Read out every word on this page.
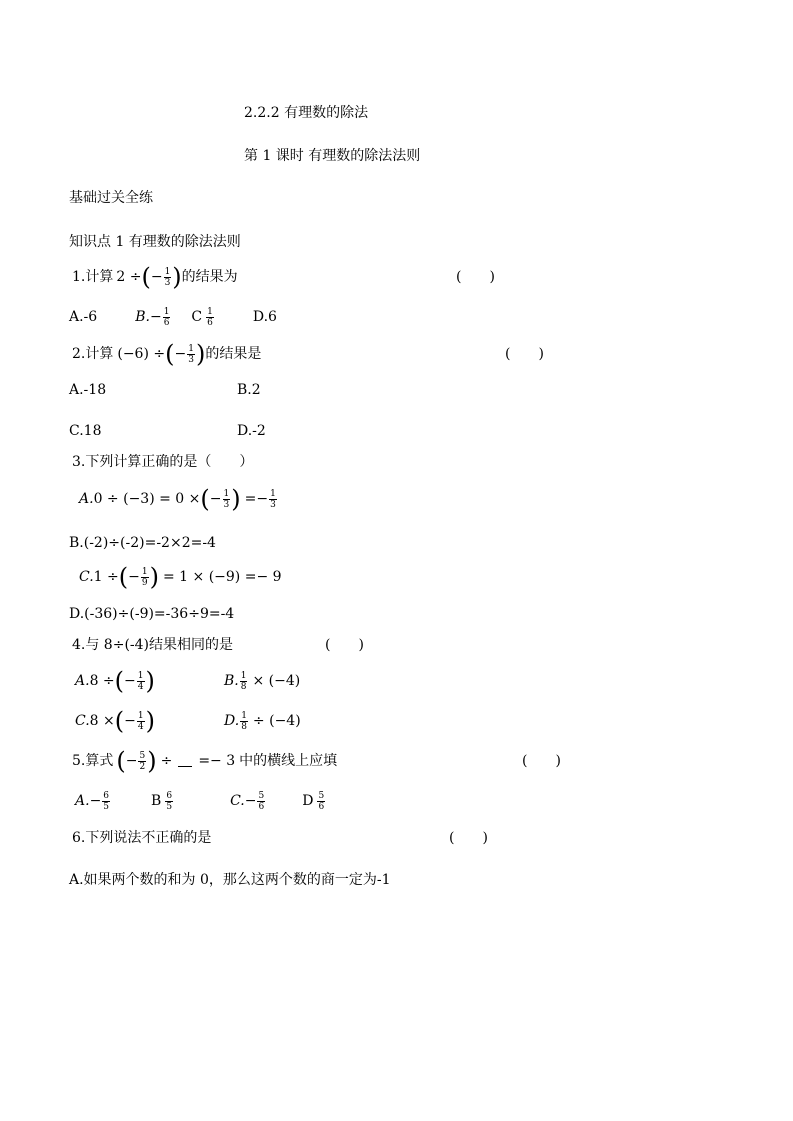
2.2.2 有理数的除法
第 1 课时 有理数的除法法则
基础过关全练
知识点 1 有理数的除法法则
1.计算 2 ÷ ( − $\frac{1}{3}$ ) 的结果为	(　　)
A.-6	B. − $\frac{1}{6}$ C $\frac{1}{6}$	D.6
2.计算 (−6) ÷ ( − $\frac{1}{3}$ ) 的结果是	(　　)
A.-18	B.2
C.18	D.-2
3.下列计算正确的是（　　）
A. 0 ÷ (−3) = 0 × ( − $\frac{1}{3}$ ) =− $\frac{1}{3}$
B.(-2)÷(-2)=-2×2=-4
C. 1 ÷ ( − $\frac{1}{9}$ ) = 1 × (−9) =− 9
D.(-36)÷(-9)=-36÷9=-4
4.与 8÷(-4)结果相同的是	(　　)
A. 8 ÷ ( − $\frac{1}{4}$ )	B. $\frac{1}{8} \times (-4)$
C. 8 × ( − $\frac{1}{4}$ )	D. $\frac{1}{8} \div (-4)$
5.算式 ( − $\frac{5}{2}$ ) ÷ =− 3 中的横线上应填	(　　)
A. − $\frac{6}{5}$	B $\frac{6}{5}$	C. − $\frac{5}{6}$	D $\frac{5}{6}$
6.下列说法不正确的是	(　　)
A.如果两个数的和为 0，那么这两个数的商一定为-1
